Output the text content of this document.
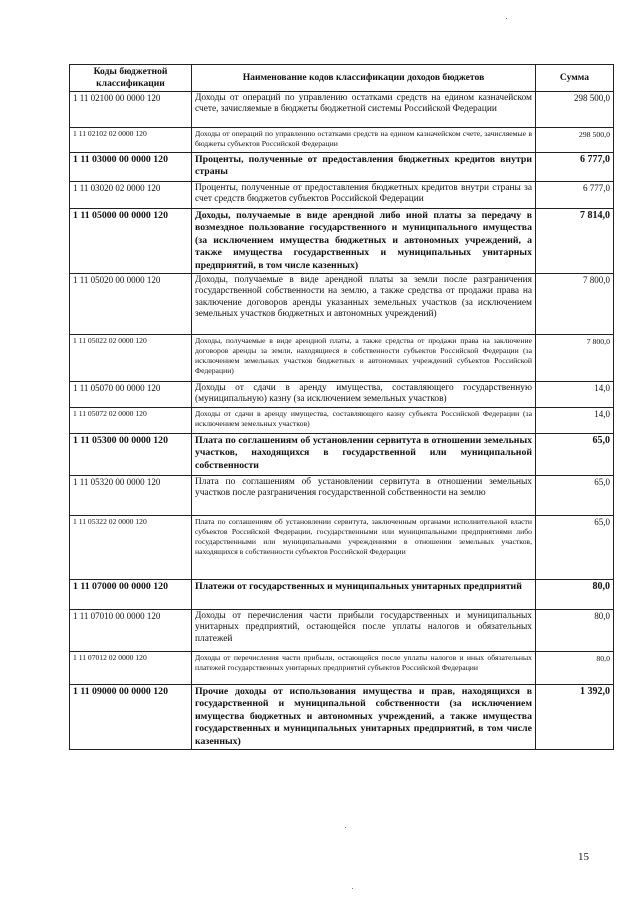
Коды бюджетной классификации	Наименование кодов классификации доходов бюджетов	Сумма
1 11 02100 00 0000 120	Доходы от операций по управлению остатками средств на едином казначейском счете, зачисляемые в бюджеты бюджетной системы Российской Федерации	298 500,0
1 11 02102 02 0000 120	Доходы от операций по управлению остатками средств на едином казначейском счете, зачисляемые в бюджеты субъектов Российской Федерации	298 500,0
1 11 03000 00 0000 120	Проценты, полученные от предоставления бюджетных кредитов внутри страны	6 777,0
1 11 03020 02 0000 120	Проценты, полученные от предоставления бюджетных кредитов внутри страны за счет средств бюджетов субъектов Российской Федерации	6 777,0
1 11 05000 00 0000 120	Доходы, получаемые в виде арендной либо иной платы за передачу в возмездное пользование государственного и муниципального имущества (за исключением имущества бюджетных и автономных учреждений, а также имущества государственных и муниципальных унитарных предприятий, в том числе казенных)	7 814,0
1 11 05020 00 0000 120	Доходы, получаемые в виде арендной платы за земли после разграничения государственной собственности на землю, а также средства от продажи права на заключение договоров аренды указанных земельных участков (за исключением земельных участков бюджетных и автономных учреждений)	7 800,0
1 11 05022 02 0000 120	Доходы, получаемые в виде арендной платы, а также средства от продажи права на заключение договоров аренды за земли, находящиеся в собственности субъектов Российской Федерации (за исключением земельных участков бюджетных и автономных учреждений субъектов Российской Федерации)	7 800,0
1 11 05070 00 0000 120	Доходы от сдачи в аренду имущества, составляющего государственную (муниципальную) казну (за исключением земельных участков)	14,0
1 11 05072 02 0000 120	Доходы от сдачи в аренду имущества, составляющего казну субъекта Российской Федерации (за исключением земельных участков)	14,0
1 11 05300 00 0000 120	Плата по соглашениям об установлении сервитута в отношении земельных участков, находящихся в государственной или муниципальной собственности	65,0
1 11 05320 00 0000 120	Плата по соглашениям об установлении сервитута в отношении земельных участков после разграничения государственной собственности на землю	65,0
1 11 05322 02 0000 120	Плата по соглашениям об установлении сервитута, заключенным органами исполнительной власти субъектов Российской Федерации, государственными или муниципальными предприятиями либо государственными или муниципальными учреждениями в отношении земельных участков, находящихся в собственности субъектов Российской Федерации	65,0
1 11 07000 00 0000 120	Платежи от государственных и муниципальных унитарных предприятий	80,0
1 11 07010 00 0000 120	Доходы от перечисления части прибыли государственных и муниципальных унитарных предприятий, остающейся после уплаты налогов и обязательных платежей	80,0
1 11 07012 02 0000 120	Доходы от перечисления части прибыли, остающейся после уплаты налогов и иных обязательных платежей государственных унитарных предприятий субъектов Российской Федерации	80,0
1 11 09000 00 0000 120	Прочие доходы от использования имущества и прав, находящихся в государственной и муниципальной собственности (за исключением имущества бюджетных и автономных учреждений, а также имущества государственных и муниципальных унитарных предприятий, в том числе казенных)	1 392,0
15
